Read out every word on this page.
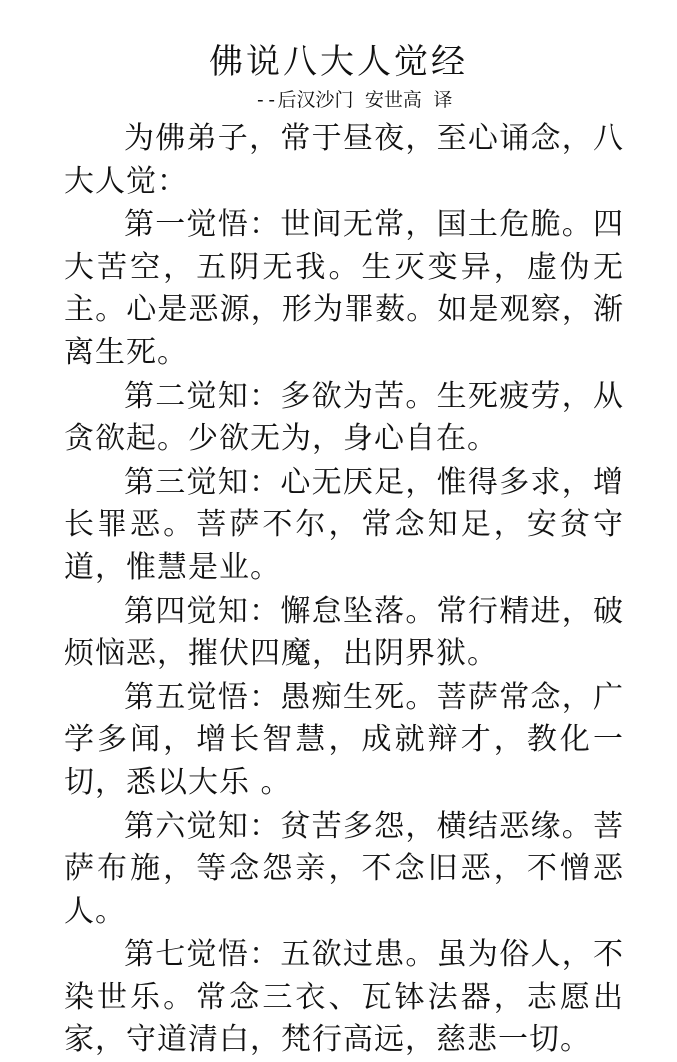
佛说八大人觉经
--后汉沙门 安世高 译

为佛弟子，常于昼夜，至心诵念，八大人觉：

第一觉悟：世间无常，国土危脆。四大苦空，五阴无我。生灭变异，虚伪无主。心是恶源，形为罪薮。如是观察，渐离生死。

第二觉知：多欲为苦。生死疲劳，从贪欲起。少欲无为，身心自在。

第三觉知：心无厌足，惟得多求，增长罪恶。菩萨不尔，常念知足，安贫守道，惟慧是业。

第四觉知：懈怠坠落。常行精进，破烦恼恶，摧伏四魔，出阴界狱。

第五觉悟：愚痴生死。菩萨常念，广学多闻，增长智慧，成就辩才，教化一切，悉以大乐 。

第六觉知：贫苦多怨，横结恶缘。菩萨布施，等念怨亲，不念旧恶，不憎恶人。

第七觉悟：五欲过患。虽为俗人，不染世乐。常念三衣、瓦钵法器，志愿出家，守道清白，梵行高远，慈悲一切。
